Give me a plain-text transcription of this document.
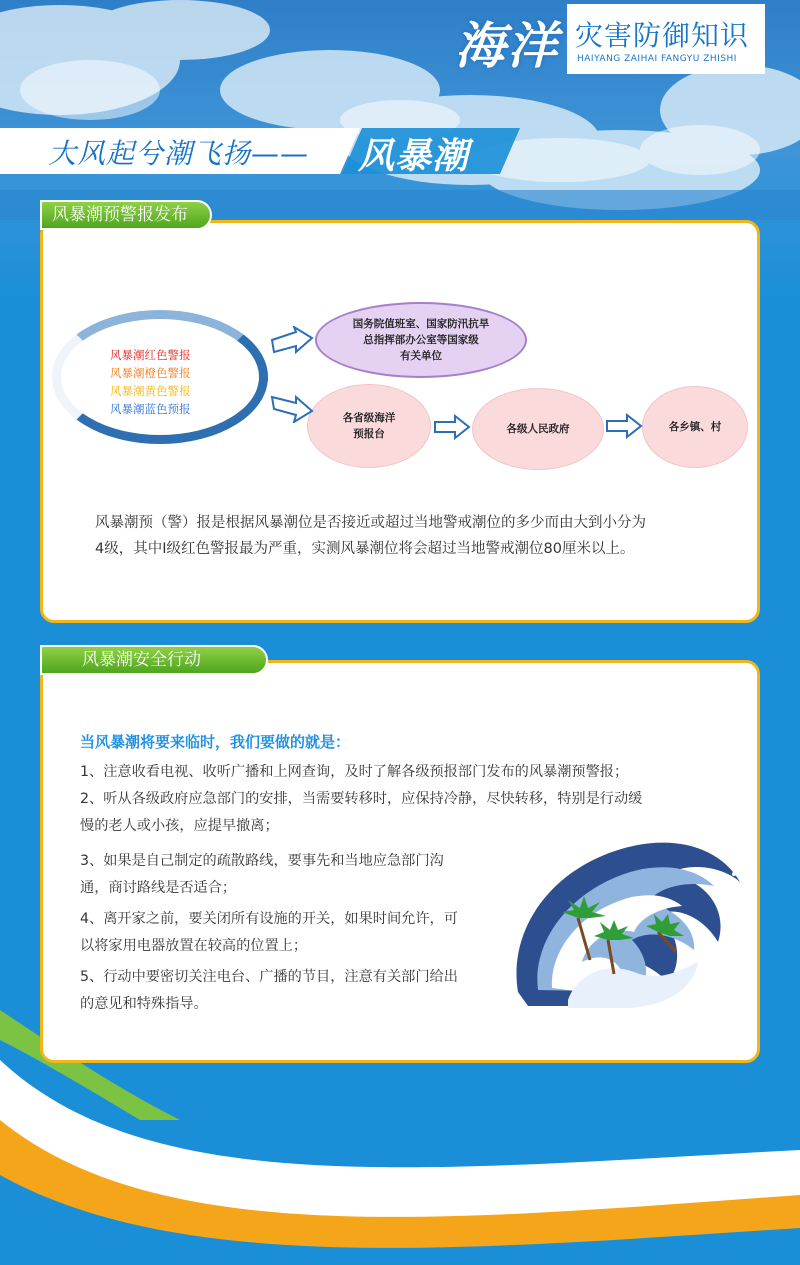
海洋 灾害防御知识
HAIYANG ZAIHAI FANGYU ZHISHI
大风起兮潮飞扬—— 风暴潮
风暴潮预警报发布
风暴潮红色警报
风暴潮橙色警报
风暴潮黄色警报
风暴潮蓝色预报
国务院值班室、国家防汛抗旱
总指挥部办公室等国家级
有关单位
各省级海洋
预报台	各级人民政府	各乡镇、村
风暴潮预（警）报是根据风暴潮位是否接近或超过当地警戒潮位的多少而由大到小分为
4级，其中Ⅰ级红色警报最为严重，实测风暴潮位将会超过当地警戒潮位80厘米以上。
风暴潮安全行动
当风暴潮将要来临时，我们要做的就是：
1、注意收看电视、收听广播和上网查询，及时了解各级预报部门发布的风暴潮预警报；
2、听从各级政府应急部门的安排，当需要转移时，应保持冷静，尽快转移，特别是行动缓
慢的老人或小孩，应提早撤离；
3、如果是自己制定的疏散路线，要事先和当地应急部门沟
通，商讨路线是否适合；
4、离开家之前，要关闭所有设施的开关，如果时间允许，可
以将家用电器放置在较高的位置上；
5、行动中要密切关注电台、广播的节目，注意有关部门给出
的意见和特殊指导。
